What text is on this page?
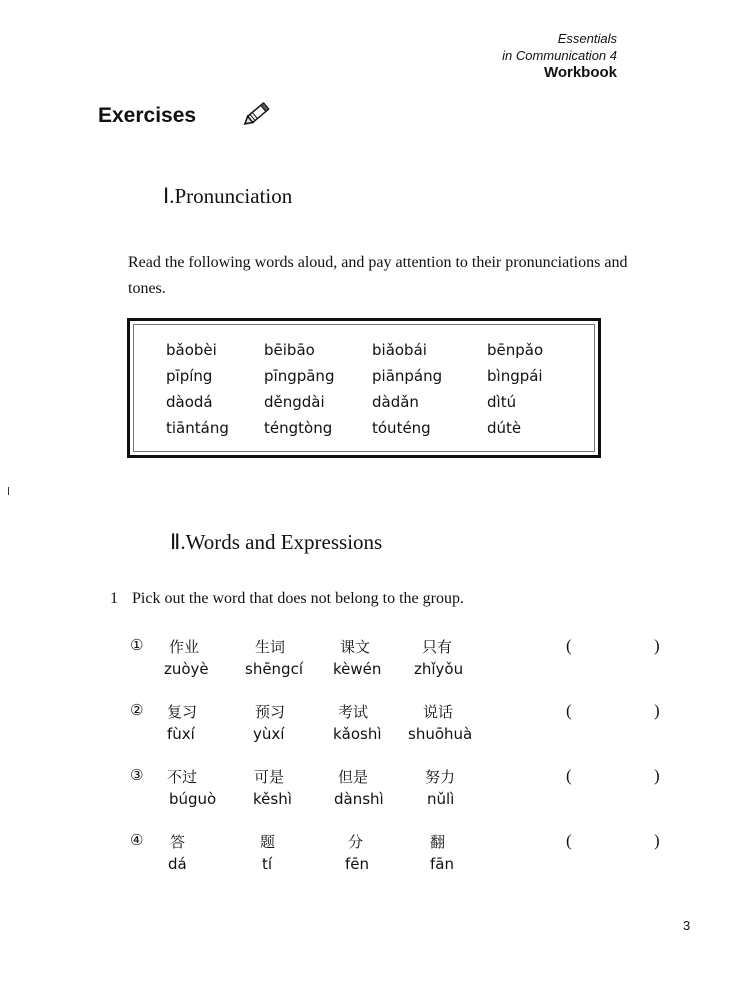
Essentials
in Communication 4
Workbook
Exercises
Ⅰ.Pronunciation
Read the following words aloud, and pay attention to their pronunciations and tones.
bǎobèi	bēibāo	biǎobái	bēnpǎo
pīpíng	pīngpāng	piānpáng	bìngpái
dàodá	děngdài	dàdǎn	dìtú
tiāntáng téngtòng	tóuténg	dútè
Ⅱ.Words and Expressions
1 Pick out the word that does not belong to the group.
① 作业	生词	课文	只有
zuòyè shēngcí kèwén zhǐyǒu
(	)
② 复习	预习	考试	说话
fùxí	yùxí	kǎoshì shuōhuà
(	)
③ 不过	可是	但是	努力
búguò kěshì	dànshì	nǔlì
(	)
④ 答	题	分	翻
dá	tí	fēn	fān
(	)
3
